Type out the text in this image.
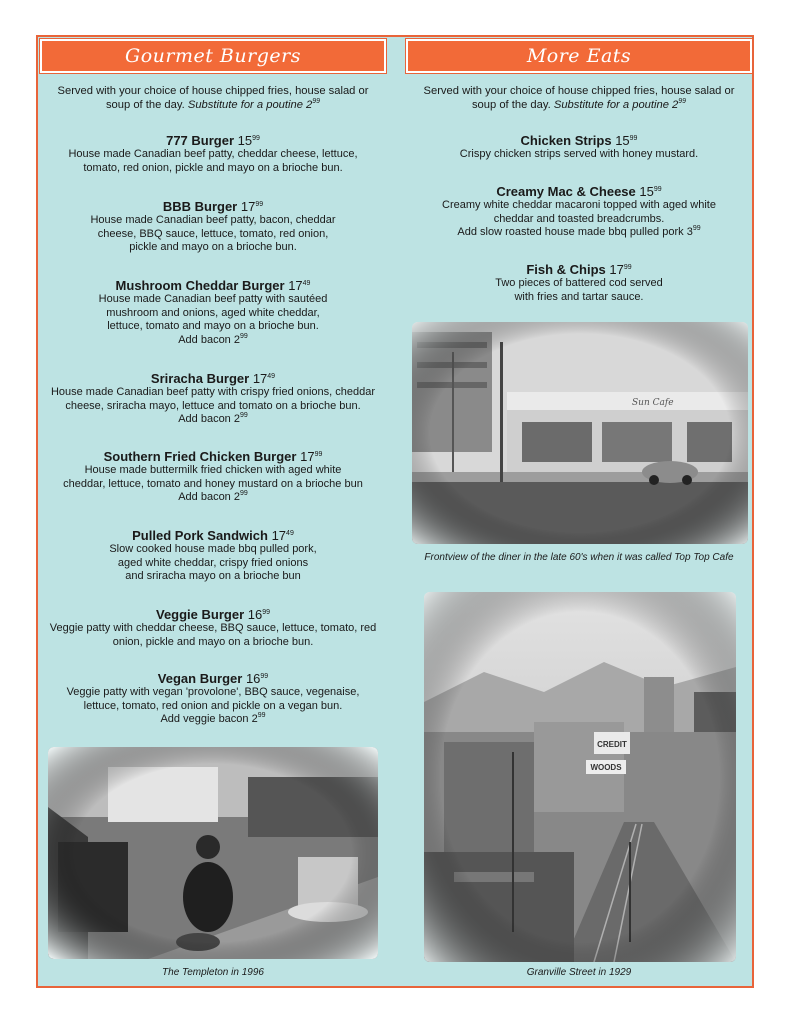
Gourmet Burgers
Served with your choice of house chipped fries, house salad or soup of the day. Substitute for a poutine $2^{99}$
777 Burger $15^{99}$
House made Canadian beef patty, cheddar cheese, lettuce,
tomato, red onion, pickle and mayo on a brioche bun.
BBB Burger $17^{99}$
House made Canadian beef patty, bacon, cheddar
cheese, BBQ sauce, lettuce, tomato, red onion,
pickle and mayo on a brioche bun.
Mushroom Cheddar Burger $17^{49}$
House made Canadian beef patty with sautéed
mushroom and onions, aged white cheddar,
lettuce, tomato and mayo on a brioche bun.
Add bacon $2^{99}$
Sriracha Burger $17^{49}$
House made Canadian beef patty with crispy fried onions, cheddar
cheese, sriracha mayo, lettuce and tomato on a brioche bun.
Add bacon $2^{99}$
Southern Fried Chicken Burger $17^{99}$
House made buttermilk fried chicken with aged white
cheddar, lettuce, tomato and honey mustard on a brioche bun
Add bacon $2^{99}$
Pulled Pork Sandwich $17^{49}$
Slow cooked house made bbq pulled pork,
aged white cheddar, crispy fried onions
and sriracha mayo on a brioche bun
Veggie Burger $16^{99}$
Veggie patty with cheddar cheese, BBQ sauce, lettuce, tomato, red
onion, pickle and mayo on a brioche bun.
Vegan Burger $16^{99}$
Veggie patty with vegan 'provolone', BBQ sauce, vegenaise,
lettuce, tomato, red onion and pickle on a vegan bun.
Add veggie bacon $2^{99}$
The Templeton in 1996
More Eats
Served with your choice of house chipped fries, house salad or soup of the day. Substitute for a poutine $2^{99}$
Chicken Strips $15^{99}$
Crispy chicken strips served with honey mustard.
Creamy Mac & Cheese $15^{99}$
Creamy white cheddar macaroni topped with aged white
cheddar and toasted breadcrumbs.
Add slow roasted house made bbq pulled pork $3^{99}$
Fish & Chips $17^{99}$
Two pieces of battered cod served
with fries and tartar sauce.
Frontview of the diner in the late 60's when it was called Top Top Cafe
Granville Street in 1929
